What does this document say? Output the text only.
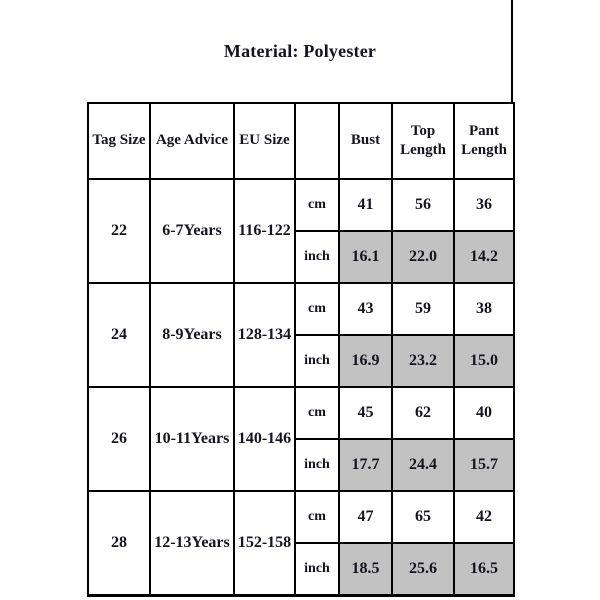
Material: Polyester
Tag Size	Age Advice	EU Size		Bust	Top Length	Pant Length
22	6-7Years	116-122	cm	41	56	36
			inch	16.1	22.0	14.2
24	8-9Years	128-134	cm	43	59	38
			inch	16.9	23.2	15.0
26	10-11Years	140-146	cm	45	62	40
			inch	17.7	24.4	15.7
28	12-13Years	152-158	cm	47	65	42
			inch	18.5	25.6	16.5
